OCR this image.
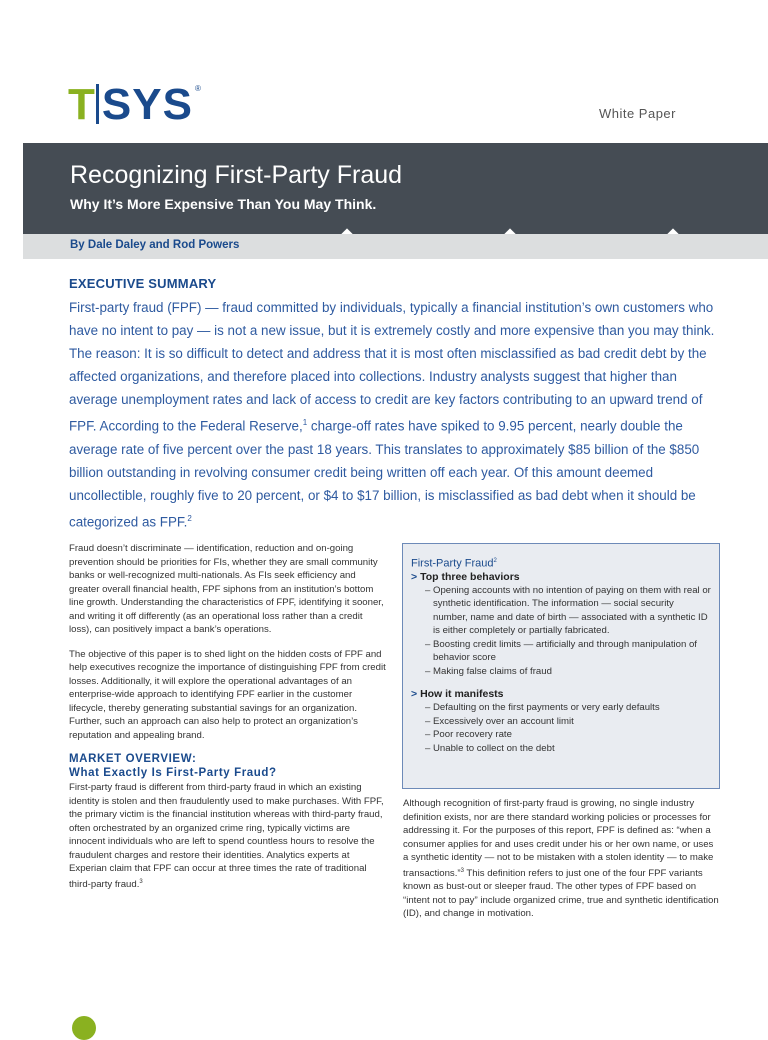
T SYS ®
White Paper
Recognizing First-Party Fraud
Why It’s More Expensive Than You May Think.
By Dale Daley and Rod Powers
EXECUTIVE SUMMARY
First-party fraud (FPF) — fraud committed by individuals, typically a financial institution’s own customers who have no intent to pay — is not a new issue, but it is extremely costly and more expensive than you may think. The reason: It is so difficult to detect and address that it is most often misclassified as bad credit debt by the affected organizations, and therefore placed into collections. Industry analysts suggest that higher than average unemployment rates and lack of access to credit are key factors contributing to an upward trend of FPF. According to the Federal Reserve,$^1$ charge-off rates have spiked to 9.95 percent, nearly double the average rate of five percent over the past 18 years. This translates to approximately $85 billion of the $850 billion outstanding in revolving consumer credit being written off each year. Of this amount deemed uncollectible, roughly five to 20 percent, or $4 to $17 billion, is misclassified as bad debt when it should be categorized as FPF.$^2$

Fraud doesn’t discriminate — identification, reduction and on-going prevention should be priorities for FIs, whether they are small community banks or well-recognized multi-nationals. As FIs seek efficiency and greater overall financial health, FPF siphons from an institution’s bottom line growth. Understanding the characteristics of FPF, identifying it sooner, and writing it off differently (as an operational loss rather than a credit loss), can positively impact a bank’s operations.

The objective of this paper is to shed light on the hidden costs of FPF and help executives recognize the importance of distinguishing FPF from credit losses. Additionally, it will explore the operational advantages of an enterprise-wide approach to identifying FPF earlier in the customer lifecycle, thereby generating substantial savings for an organization. Further, such an approach can also help to protect an organization’s reputation and appealing brand.

MARKET OVERVIEW:
What Exactly Is First-Party Fraud?

First-party fraud is different from third-party fraud in which an existing identity is stolen and then fraudulently used to make purchases. With FPF, the primary victim is the financial institution whereas with third-party fraud, often orchestrated by an organized crime ring, typically victims are innocent individuals who are left to spend countless hours to resolve the fraudulent charges and restore their identities. Analytics experts at Experian claim that FPF can occur at three times the rate of traditional third-party fraud.$^3$

First-Party Fraud$^2$
> Top three behaviors
– Opening accounts with no intention of paying on them with real or synthetic identification. The information — social security number, name and date of birth — associated with a synthetic ID is either completely or partially fabricated.
– Boosting credit limits — artificially and through manipulation of behavior score
– Making false claims of fraud
> How it manifests
– Defaulting on the first payments or very early defaults
– Excessively over an account limit
– Poor recovery rate
– Unable to collect on the debt

Although recognition of first-party fraud is growing, no single industry definition exists, nor are there standard working policies or processes for addressing it. For the purposes of this report, FPF is defined as: “when a consumer applies for and uses credit under his or her own name, or uses a synthetic identity — not to be mistaken with a stolen identity — to make transactions.”$^3$ This definition refers to just one of the four FPF variants known as bust-out or sleeper fraud. The other types of FPF based on “intent not to pay” include organized crime, true and synthetic identification (ID), and change in motivation.
